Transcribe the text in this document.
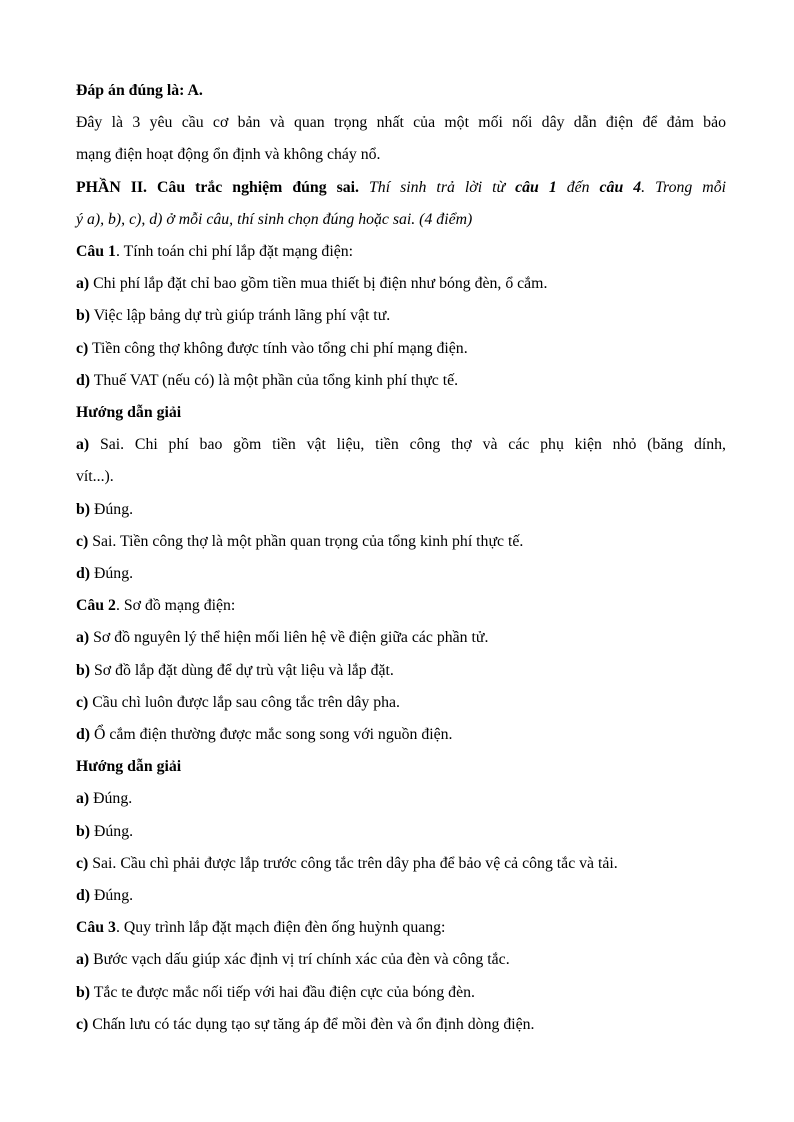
Đáp án đúng là: A.
Đây là 3 yêu cầu cơ bản và quan trọng nhất của một mối nối dây dẫn điện để đảm bảo
mạng điện hoạt động ổn định và không cháy nổ.
PHẦN II. Câu trắc nghiệm đúng sai. Thí sinh trả lời từ câu 1 đến câu 4. Trong mỗi
ý a), b), c), d) ở mỗi câu, thí sinh chọn đúng hoặc sai. (4 điểm)
Câu 1. Tính toán chi phí lắp đặt mạng điện:
a) Chi phí lắp đặt chỉ bao gồm tiền mua thiết bị điện như bóng đèn, ổ cắm.
b) Việc lập bảng dự trù giúp tránh lãng phí vật tư.
c) Tiền công thợ không được tính vào tổng chi phí mạng điện.
d) Thuế VAT (nếu có) là một phần của tổng kinh phí thực tế.
Hướng dẫn giải
a) Sai. Chi phí bao gồm tiền vật liệu, tiền công thợ và các phụ kiện nhỏ (băng dính,
vít...).
b) Đúng.
c) Sai. Tiền công thợ là một phần quan trọng của tổng kinh phí thực tế.
d) Đúng.
Câu 2. Sơ đồ mạng điện:
a) Sơ đồ nguyên lý thể hiện mối liên hệ về điện giữa các phần tử.
b) Sơ đồ lắp đặt dùng để dự trù vật liệu và lắp đặt.
c) Cầu chì luôn được lắp sau công tắc trên dây pha.
d) Ổ cắm điện thường được mắc song song với nguồn điện.
Hướng dẫn giải
a) Đúng.
b) Đúng.
c) Sai. Cầu chì phải được lắp trước công tắc trên dây pha để bảo vệ cả công tắc và tải.
d) Đúng.
Câu 3. Quy trình lắp đặt mạch điện đèn ống huỳnh quang:
a) Bước vạch dấu giúp xác định vị trí chính xác của đèn và công tắc.
b) Tắc te được mắc nối tiếp với hai đầu điện cực của bóng đèn.
c) Chấn lưu có tác dụng tạo sự tăng áp để mồi đèn và ổn định dòng điện.
